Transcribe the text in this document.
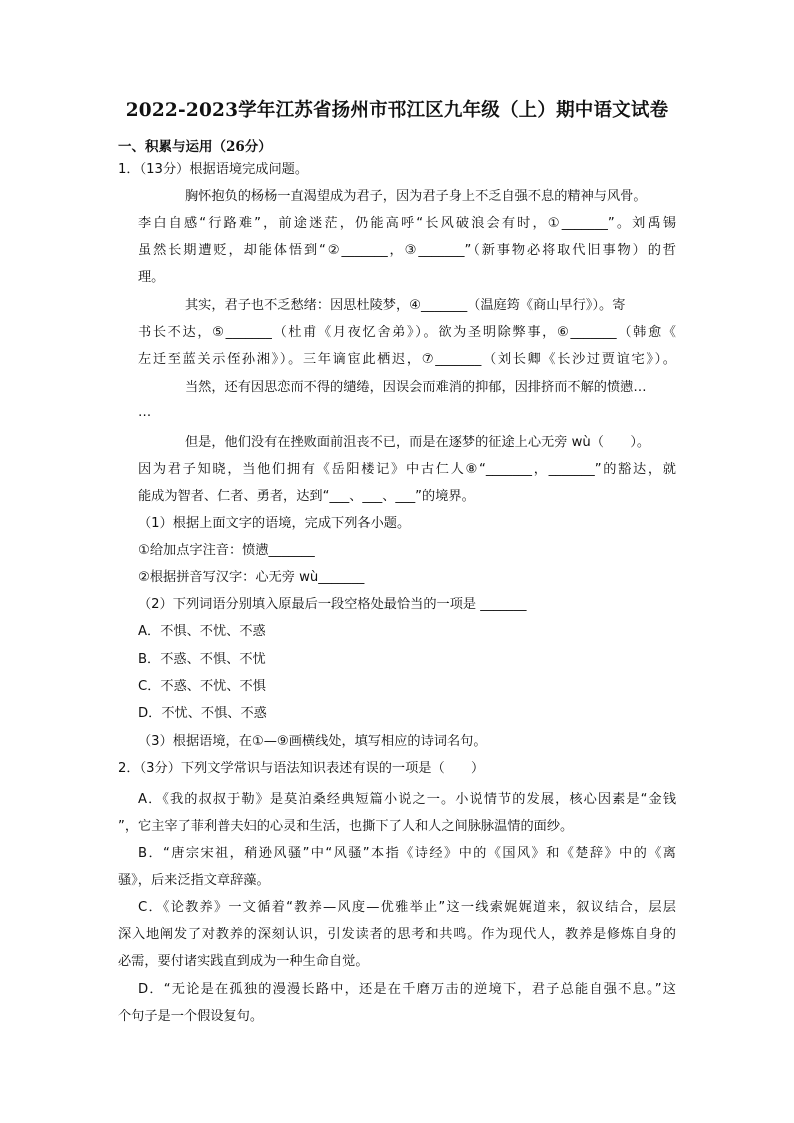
2022-2023学年江苏省扬州市邗江区九年级（上）期中语文试卷
一、积累与运用（26分）
1．（13分）根据语境完成问题。
胸怀抱负的杨杨一直渴望成为君子，因为君子身上不乏自强不息的精神与风骨。
李白自感“行路难”，前途迷茫，仍能高呼“长风破浪会有时，①_______”。刘禹锡
虽然长期遭贬，却能体悟到“②_______，③_______”（新事物必将取代旧事物）的哲
理。
其实，君子也不乏愁绪：因思杜陵梦，④_______（温庭筠《商山早行》）。寄
书长不达，⑤_______（杜甫《月夜忆舍弟》）。欲为圣明除弊事，⑥_______（韩愈《
左迁至蓝关示侄孙湘》）。三年谪宦此栖迟，⑦_______（刘长卿《长沙过贾谊宅》）。
当然，还有因思恋而不得的缱绻，因误会而难消的抑郁，因排挤而不解的愤懑…
…
但是，他们没有在挫败面前沮丧不已，而是在逐梦的征途上心无旁 wù（　　）。
因为君子知晓，当他们拥有《岳阳楼记》中古仁人⑧“_______，_______”的豁达，就
能成为智者、仁者、勇者，达到“___、___、___”的境界。
（1）根据上面文字的语境，完成下列各小题。
①给加点字注音：愤懑_______
②根据拼音写汉字：心无旁 wù_______
（2）下列词语分别填入原最后一段空格处最恰当的一项是 _______
A．不惧、不忧、不惑
B．不惑、不惧、不忧
C．不惑、不忧、不惧
D．不忧、不惧、不惑
（3）根据语境，在①—⑨画横线处，填写相应的诗词名句。
2．（3分）下列文学常识与语法知识表述有误的一项是（　　）
A．《我的叔叔于勒》是莫泊桑经典短篇小说之一。小说情节的发展，核心因素是“金钱
”，它主宰了菲利普夫妇的心灵和生活，也撕下了人和人之间脉脉温情的面纱。
B．“唐宗宋祖，稍逊风骚”中“风骚”本指《诗经》中的《国风》和《楚辞》中的《离
骚》，后来泛指文章辞藻。
C．《论教养》一文循着“教养—风度—优雅举止”这一线索娓娓道来，叙议结合，层层
深入地阐发了对教养的深刻认识，引发读者的思考和共鸣。作为现代人，教养是修炼自身的
必需，要付诸实践直到成为一种生命自觉。
D．“无论是在孤独的漫漫长路中，还是在千磨万击的逆境下，君子总能自强不息。”这
个句子是一个假设复句。
